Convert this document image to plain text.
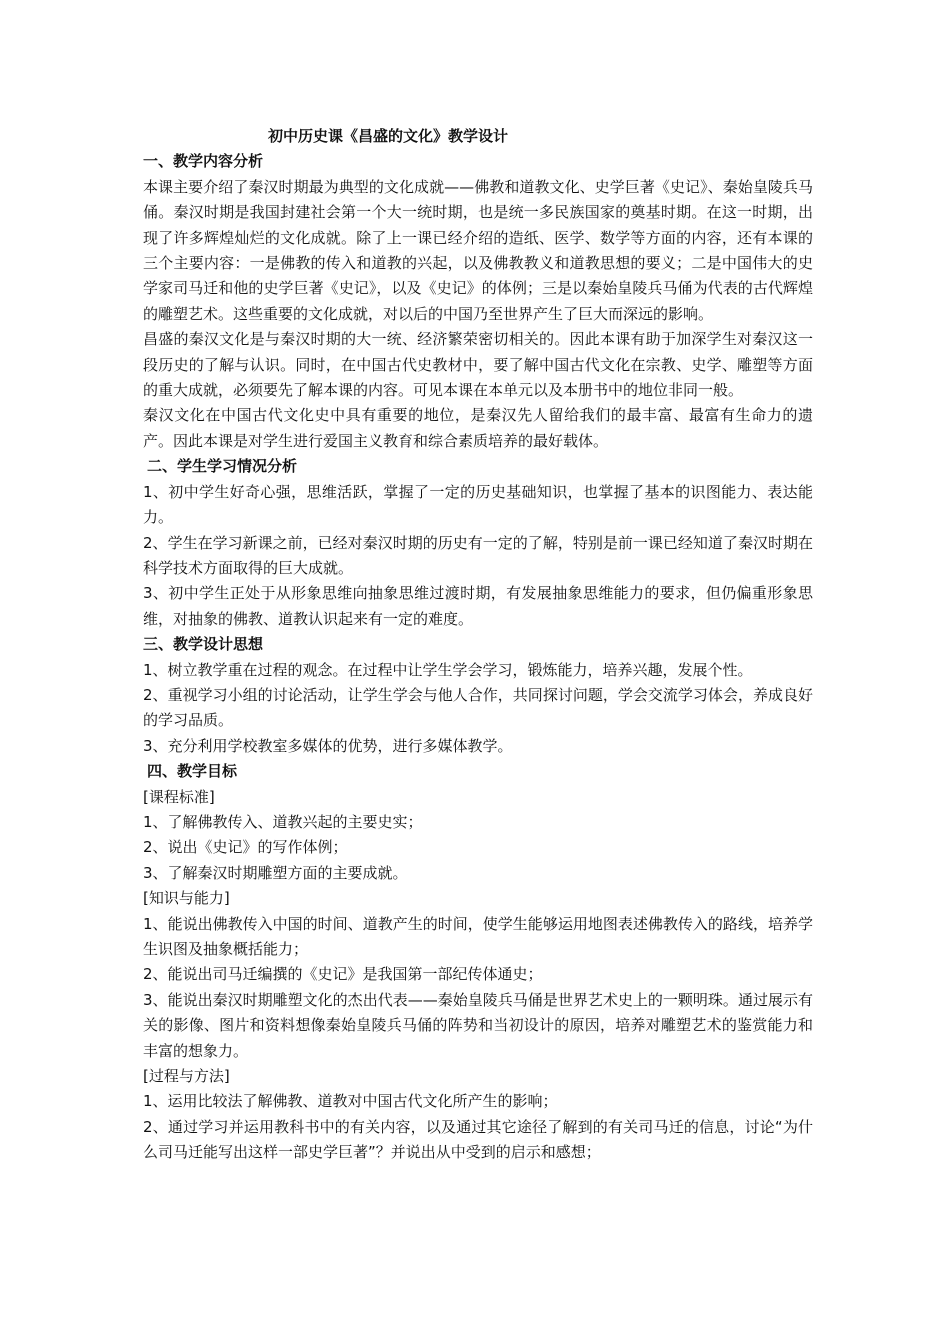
初中历史课《昌盛的文化》教学设计

一、教学内容分析

本课主要介绍了秦汉时期最为典型的文化成就——佛教和道教文化、史学巨著《史记》、秦始皇陵兵马俑。秦汉时期是我国封建社会第一个大一统时期，也是统一多民族国家的奠基时期。在这一时期，出现了许多辉煌灿烂的文化成就。除了上一课已经介绍的造纸、医学、数学等方面的内容，还有本课的三个主要内容：一是佛教的传入和道教的兴起，以及佛教教义和道教思想的要义；二是中国伟大的史学家司马迁和他的史学巨著《史记》，以及《史记》的体例；三是以秦始皇陵兵马俑为代表的古代辉煌的雕塑艺术。这些重要的文化成就，对以后的中国乃至世界产生了巨大而深远的影响。

昌盛的秦汉文化是与秦汉时期的大一统、经济繁荣密切相关的。因此本课有助于加深学生对秦汉这一段历史的了解与认识。同时，在中国古代史教材中，要了解中国古代文化在宗教、史学、雕塑等方面的重大成就，必须要先了解本课的内容。可见本课在本单元以及本册书中的地位非同一般。

秦汉文化在中国古代文化史中具有重要的地位，是秦汉先人留给我们的最丰富、最富有生命力的遗产。因此本课是对学生进行爱国主义教育和综合素质培养的最好载体。

二、学生学习情况分析

1、初中学生好奇心强，思维活跃，掌握了一定的历史基础知识，也掌握了基本的识图能力、表达能力。

2、学生在学习新课之前，已经对秦汉时期的历史有一定的了解，特别是前一课已经知道了秦汉时期在科学技术方面取得的巨大成就。

3、初中学生正处于从形象思维向抽象思维过渡时期，有发展抽象思维能力的要求，但仍偏重形象思维，对抽象的佛教、道教认识起来有一定的难度。

三、教学设计思想

1、树立教学重在过程的观念。在过程中让学生学会学习，锻炼能力，培养兴趣，发展个性。

2、重视学习小组的讨论活动，让学生学会与他人合作，共同探讨问题，学会交流学习体会，养成良好的学习品质。

3、充分利用学校教室多媒体的优势，进行多媒体教学。

四、教学目标

[课程标准]

1、了解佛教传入、道教兴起的主要史实；

2、说出《史记》的写作体例；

3、了解秦汉时期雕塑方面的主要成就。

[知识与能力]

1、能说出佛教传入中国的时间、道教产生的时间，使学生能够运用地图表述佛教传入的路线，培养学生识图及抽象概括能力；

2、能说出司马迁编撰的《史记》是我国第一部纪传体通史；

3、能说出秦汉时期雕塑文化的杰出代表——秦始皇陵兵马俑是世界艺术史上的一颗明珠。通过展示有关的影像、图片和资料想像秦始皇陵兵马俑的阵势和当初设计的原因，培养对雕塑艺术的鉴赏能力和丰富的想象力。

[过程与方法]

1、运用比较法了解佛教、道教对中国古代文化所产生的影响；

2、通过学习并运用教科书中的有关内容，以及通过其它途径了解到的有关司马迁的信息，讨论“为什么司马迁能写出这样一部史学巨著”？并说出从中受到的启示和感想；
